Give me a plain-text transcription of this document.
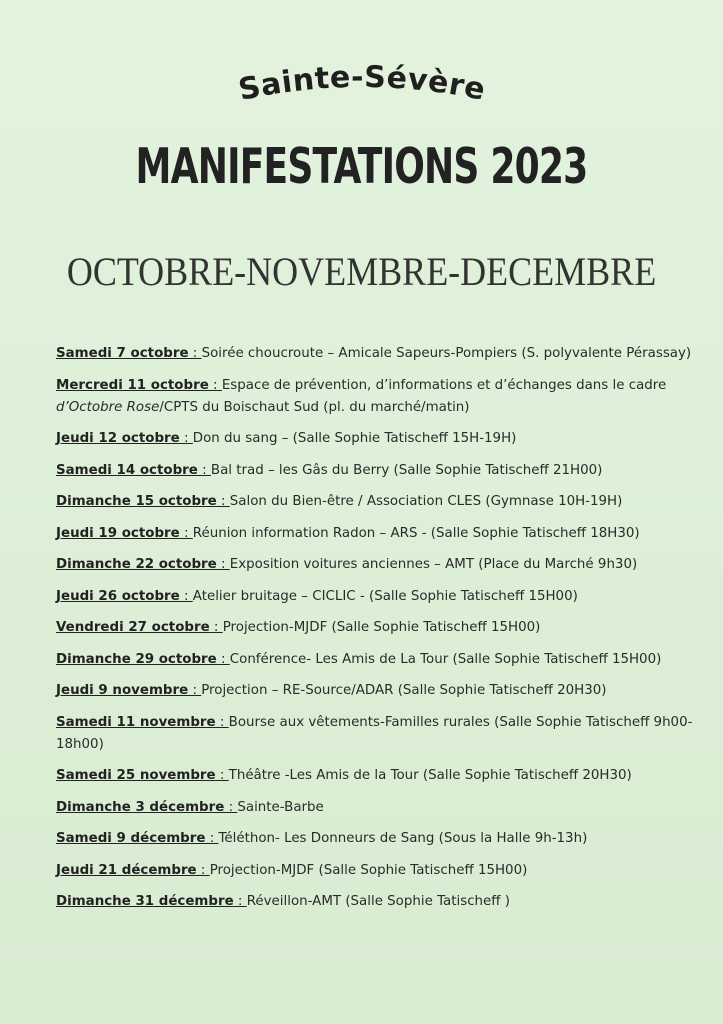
Sainte-Sévère
MANIFESTATIONS 2023
OCTOBRE-NOVEMBRE-DECEMBRE
Samedi 7 octobre : Soirée choucroute – Amicale Sapeurs-Pompiers (S. polyvalente Pérassay)
Mercredi 11 octobre : Espace de prévention, d’informations et d’échanges dans le cadre d’Octobre Rose/CPTS du Boischaut Sud (pl. du marché/matin)
Jeudi 12 octobre : Don du sang – (Salle Sophie Tatischeff 15H-19H)
Samedi 14 octobre : Bal trad – les Gâs du Berry (Salle Sophie Tatischeff 21H00)
Dimanche 15 octobre : Salon du Bien-être / Association CLES (Gymnase 10H-19H)
Jeudi 19 octobre : Réunion information Radon – ARS - (Salle Sophie Tatischeff 18H30)
Dimanche 22 octobre : Exposition voitures anciennes – AMT (Place du Marché 9h30)
Jeudi 26 octobre : Atelier bruitage – CICLIC - (Salle Sophie Tatischeff 15H00)
Vendredi 27 octobre : Projection-MJDF (Salle Sophie Tatischeff 15H00)
Dimanche 29 octobre : Conférence- Les Amis de La Tour (Salle Sophie Tatischeff 15H00)
Jeudi 9 novembre : Projection – RE-Source/ADAR (Salle Sophie Tatischeff 20H30)
Samedi 11 novembre : Bourse aux vêtements-Familles rurales (Salle Sophie Tatischeff 9h00-18h00)
Samedi 25 novembre : Théâtre -Les Amis de la Tour (Salle Sophie Tatischeff 20H30)
Dimanche 3 décembre : Sainte-Barbe
Samedi 9 décembre : Téléthon- Les Donneurs de Sang (Sous la Halle 9h-13h)
Jeudi 21 décembre : Projection-MJDF (Salle Sophie Tatischeff 15H00)
Dimanche 31 décembre : Réveillon-AMT (Salle Sophie Tatischeff )
